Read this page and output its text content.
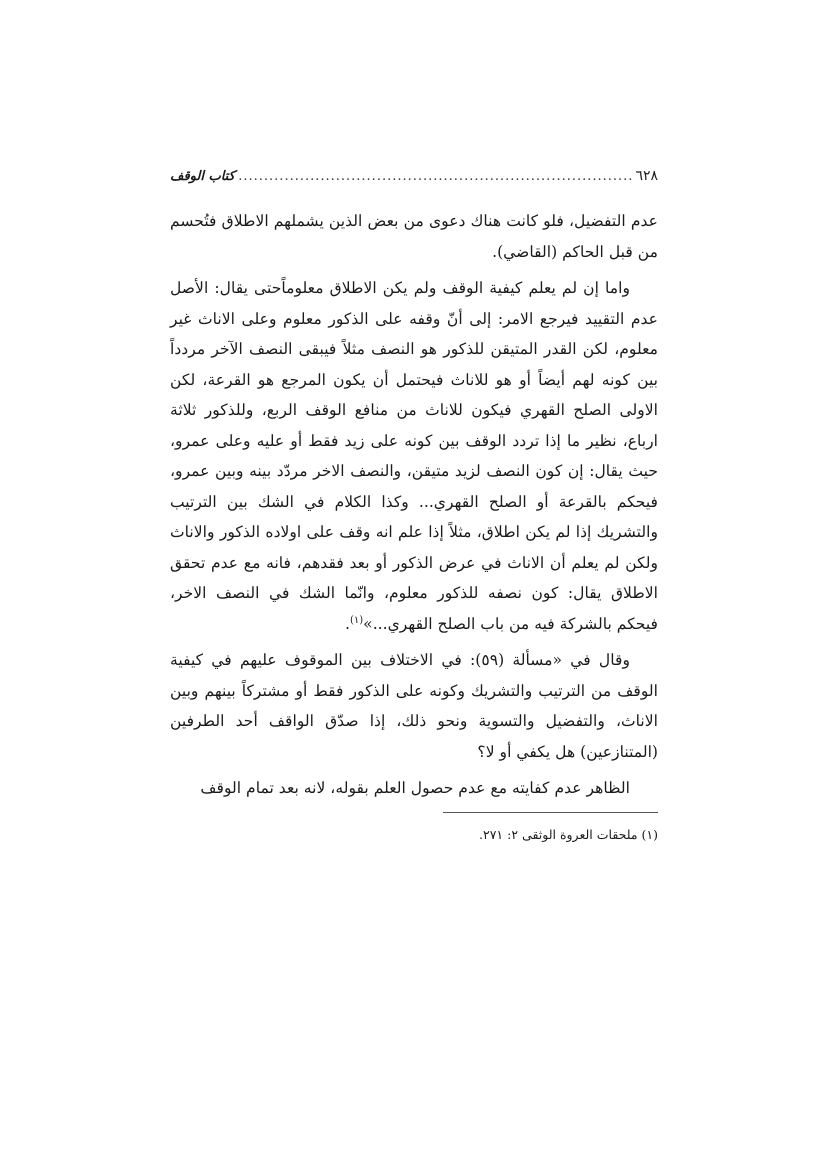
٦٢٨
.....
كتاب الوقف

عدم التفضيل، فلو كانت هناك دعوى من بعض الذين يشملهم الاطلاق فتُحسم من قبل الحاكم (القاضي).

واما إن لم يعلم كيفية الوقف ولم يكن الاطلاق معلوماًحتى يقال: الأصل عدم التقييد فيرجع الامر: إلى أنّ وقفه على الذكور معلوم وعلى الاناث غير معلوم، لكن القدر المتيقن للذكور هو النصف مثلاً فيبقى النصف الآخر مردداً بين كونه لهم أيضاً أو هو للاناث فيحتمل أن يكون المرجع هو القرعة، لكن الاولى الصلح القهري فيكون للاناث من منافع الوقف الربع، وللذكور ثلاثة ارباع، نظير ما إذا تردد الوقف بين كونه على زيد فقط أو عليه وعلى عمرو، حيث يقال: إن كون النصف لزيد متيقن، والنصف الاخر مردّد بينه وبين عمرو، فيحكم بالقرعة أو الصلح القهري... وكذا الكلام في الشك بين الترتيب والتشريك إذا لم يكن اطلاق، مثلاً إذا علم انه وقف على اولاده الذكور والاناث ولكن لم يعلم أن الاناث في عرض الذكور أو بعد فقدهم، فانه مع عدم تحقق الاطلاق يقال: كون نصفه للذكور معلوم، وانّما الشك في النصف الاخر، فيحكم بالشركة فيه من باب الصلح القهري...»$^{(١)}$.

وقال في «مسألة (٥٩): في الاختلاف بين الموقوف عليهم في كيفية الوقف من الترتيب والتشريك وكونه على الذكور فقط أو مشتركاً بينهم وبين الاناث، والتفضيل والتسوية ونحو ذلك، إذا صدّق الواقف أحد الطرفين (المتنازعين) هل يكفي أو لا؟

الظاهر عدم كفايته مع عدم حصول العلم بقوله، لانه بعد تمام الوقف

(١) ملحقات العروة الوثقى ٢: ٢٧١.
